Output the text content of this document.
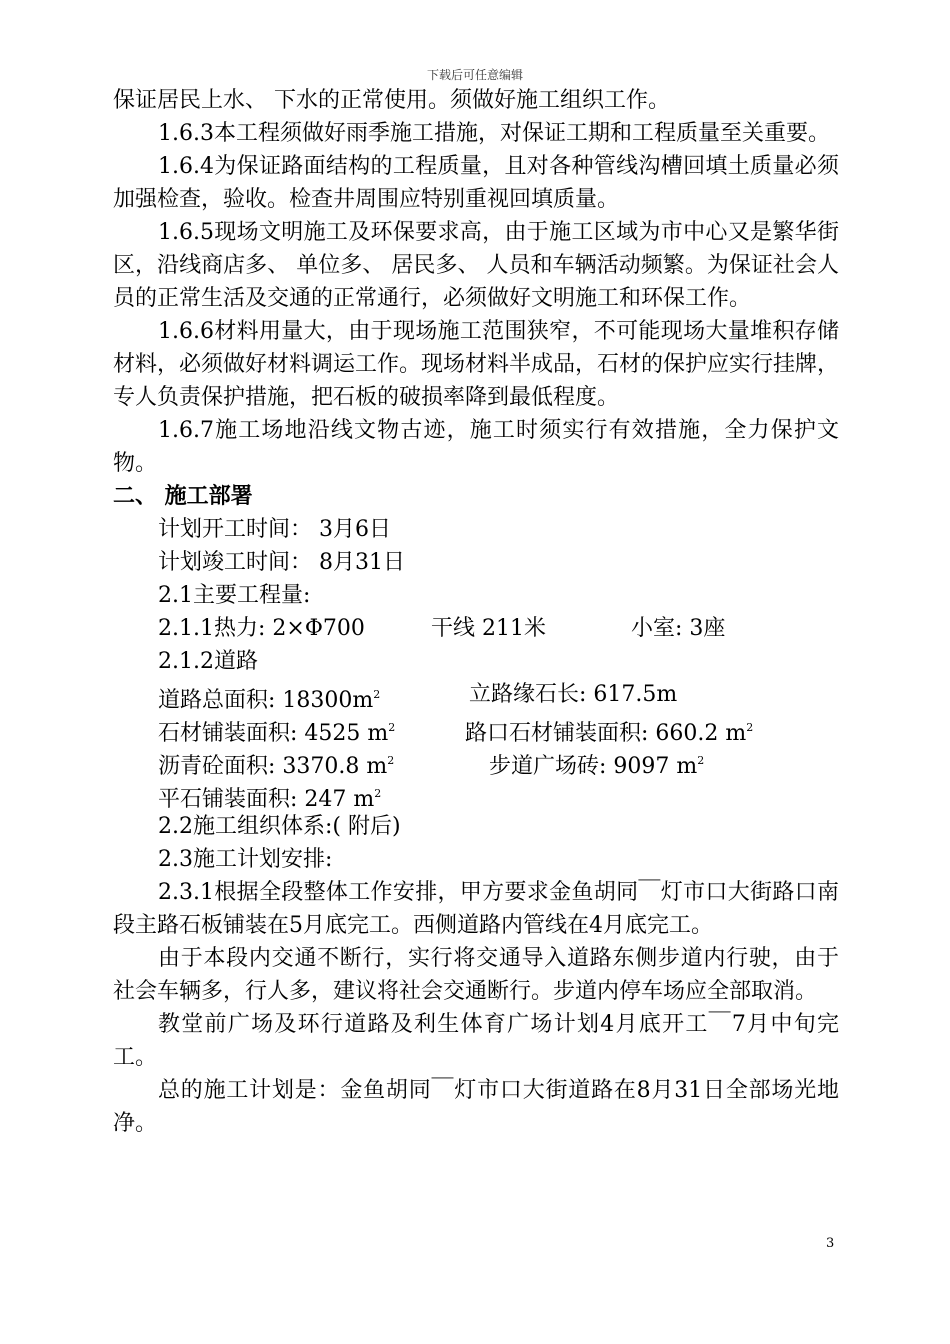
下载后可任意编辑

保证居民上水、 下水的正常使用。须做好施工组织工作。

1.6.3本工程须做好雨季施工措施，对保证工期和工程质量至关重要。

1.6.4为保证路面结构的工程质量，且对各种管线沟槽回填土质量必须加强检查，验收。检查井周围应特别重视回填质量。

1.6.5现场文明施工及环保要求高，由于施工区域为市中心又是繁华街区，沿线商店多、 单位多、 居民多、 人员和车辆活动频繁。为保证社会人员的正常生活及交通的正常通行，必须做好文明施工和环保工作。

1.6.6材料用量大，由于现场施工范围狭窄，不可能现场大量堆积存储材料，必须做好材料调运工作。现场材料半成品，石材的保护应实行挂牌，专人负责保护措施，把石板的破损率降到最低程度。

1.6.7施工场地沿线文物古迹，施工时须实行有效措施，全力保护文物。

二、 施工部署
计划开工时间： 3月6日
计划竣工时间： 8月31日
2.1主要工程量:
2.1.1热力: 2×Φ700	干线 211米	小室: 3座
2.1.2道路
道路总面积: $18300m^2$	立路缘石长: 617.5m
石材铺装面积: 4525 $m^2$	路口石材铺装面积: 660.2 $m^2$
沥青砼面积: 3370.8 $m^2$	步道广场砖: 9097 $m^2$
平石铺装面积: 247 $m^2$
2.2施工组织体系:( 附后)
2.3施工计划安排:

2.3.1根据全段整体工作安排，甲方要求金鱼胡同￣灯市口大街路口南段主路石板铺装在5月底完工。西侧道路内管线在4月底完工。

由于本段内交通不断行，实行将交通导入道路东侧步道内行驶，由于社会车辆多，行人多，建议将社会交通断行。步道内停车场应全部取消。

教堂前广场及环行道路及利生体育广场计划4月底开工￣7月中旬完工。

总的施工计划是：金鱼胡同￣灯市口大街道路在8月31日全部场光地净。

3
